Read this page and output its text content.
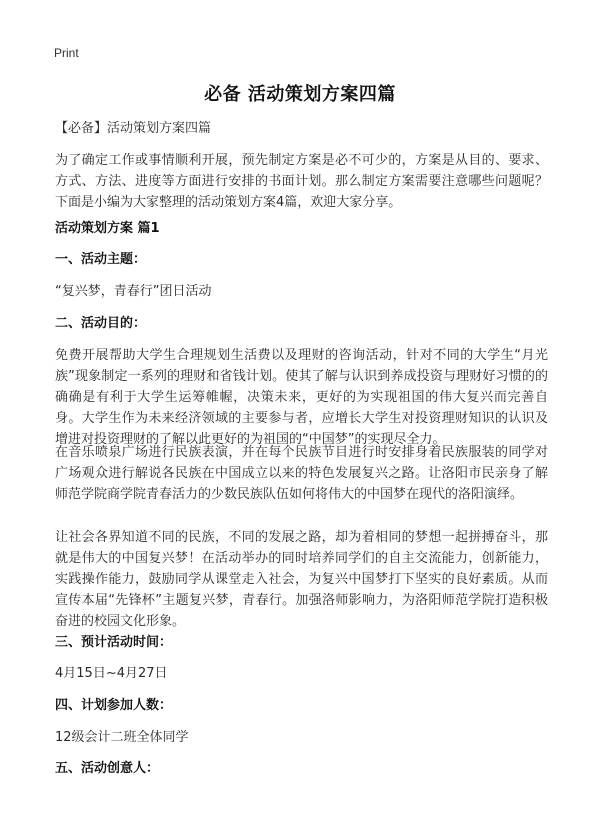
Print
必备 活动策划方案四篇

【必备】活动策划方案四篇

为了确定工作或事情顺利开展，预先制定方案是必不可少的，方案是从目的、要求、方式、方法、进度等方面进行安排的书面计划。那么制定方案需要注意哪些问题呢？下面是小编为大家整理的活动策划方案4篇，欢迎大家分享。

活动策划方案 篇1

一、活动主题：

“复兴梦，青春行”团日活动

二、活动目的：

免费开展帮助大学生合理规划生活费以及理财的咨询活动，针对不同的大学生“月光族”现象制定一系列的理财和省钱计划。使其了解与认识到养成投资与理财好习惯的的确确是有利于大学生运筹帷幄，决策未来，更好的为实现祖国的伟大复兴而完善自身。大学生作为未来经济领域的主要参与者，应增长大学生对投资理财知识的认识及增进对投资理财的了解以此更好的为祖国的“中国梦”的实现尽全力。

在音乐喷泉广场进行民族表演，并在每个民族节目进行时安排身着民族服装的同学对广场观众进行解说各民族在中国成立以来的特色发展复兴之路。让洛阳市民亲身了解师范学院商学院青春活力的少数民族队伍如何将伟大的中国梦在现代的洛阳演绎。

让社会各界知道不同的民族，不同的发展之路，却为着相同的梦想一起拼搏奋斗，那就是伟大的中国复兴梦！在活动举办的同时培养同学们的自主交流能力，创新能力，实践操作能力，鼓励同学从课堂走入社会，为复兴中国梦打下坚实的良好素质。从而宣传本届“先锋杯”主题复兴梦，青春行。加强洛师影响力，为洛阳师范学院打造积极奋进的校园文化形象。

三、预计活动时间：

4月15日~4月27日

四、计划参加人数：

12级会计二班全体同学

五、活动创意人：
